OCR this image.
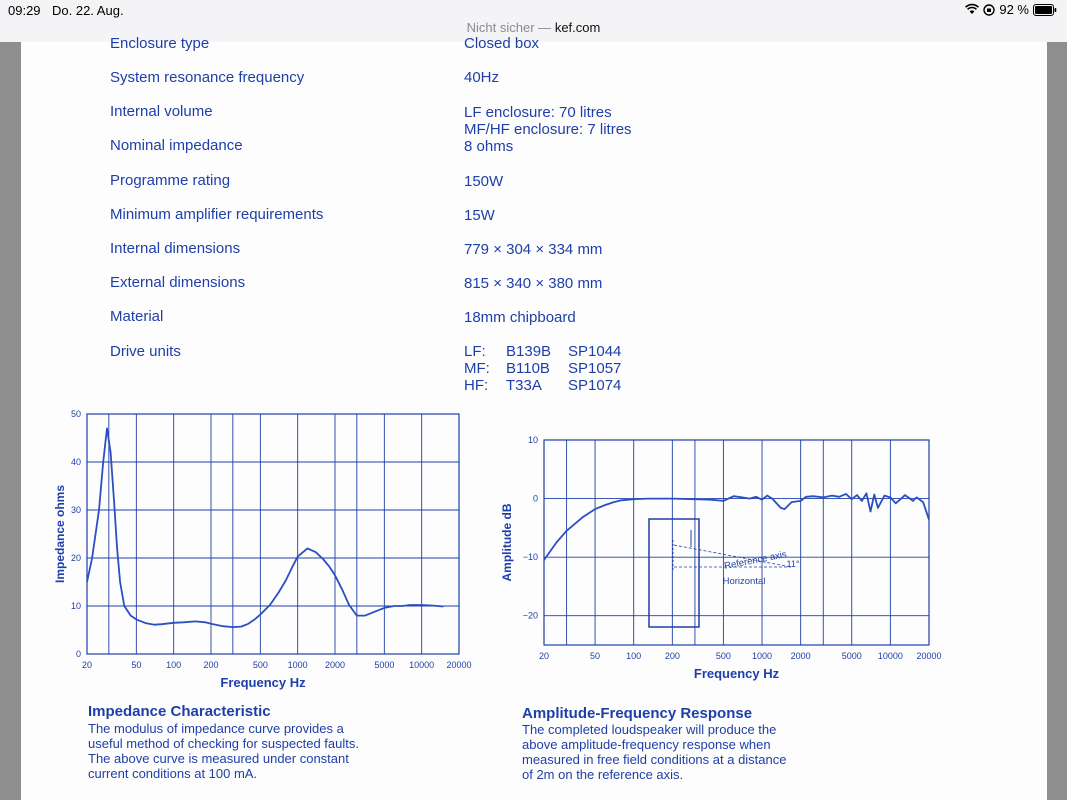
09:29 Do. 22. Aug.	92 %
Nicht sicher — kef.com
Enclosure type	Closed box
System resonance frequency	40Hz
Internal volume	LF enclosure: 70 litres
MF/HF enclosure: 7 litres
Nominal impedance	8 ohms
Programme rating	150W
Minimum amplifier requirements	15W
Internal dimensions	779 × 304 × 334 mm
External dimensions	815 × 340 × 380 mm
Material	18mm chipboard
Drive units	LF: B139B SP1044
MF: B110B SP1057
HF: T33A SP1074
20	50	100 200	500 1000 2000	5000 10000 20000
0
10
20
30
40
50
Frequency Hz
Impedance ohms
20	50	100	200	500 1000 2000	5000 10000 20000
10
0
−10
−20
Frequency Hz
Amplitude dB	Reference axis
11°
Horizontal
Impedance Characteristic
The modulus of impedance curve provides a
useful method of checking for suspected faults.
The above curve is measured under constant
current conditions at 100 mA.
Amplitude-Frequency Response
The completed loudspeaker will produce the
above amplitude-frequency response when
measured in free field conditions at a distance
of 2m on the reference axis.
